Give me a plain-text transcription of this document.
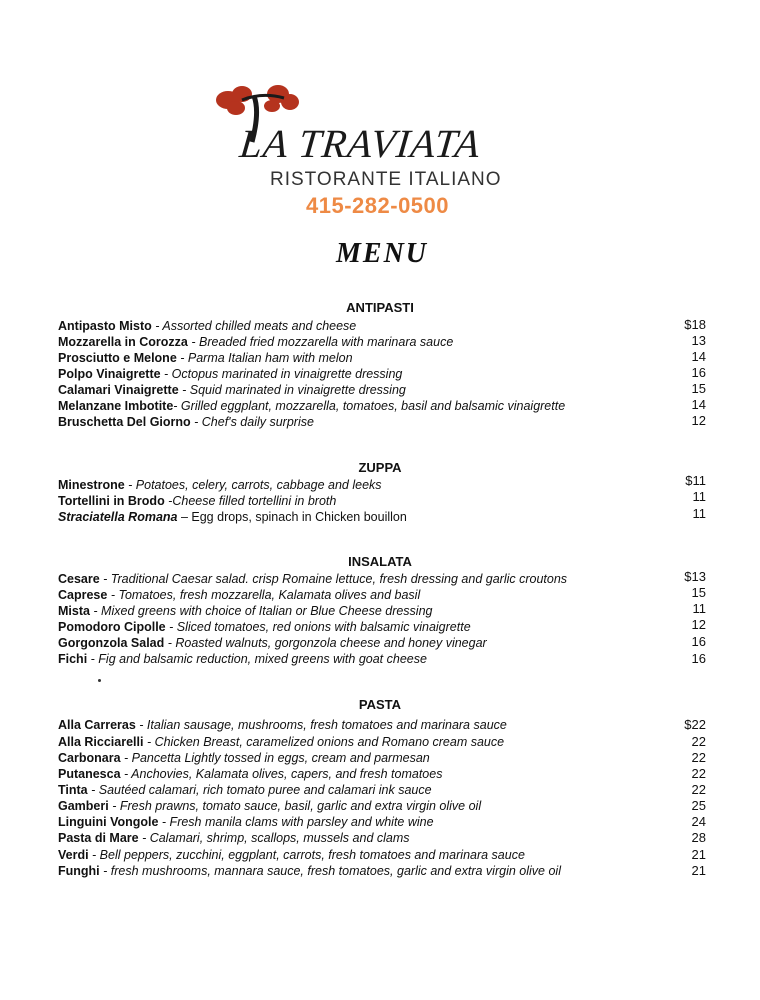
LA TRAVIATA
RISTORANTE ITALIANO
415-282-0500
MENU
ANTIPASTI
Antipasto Misto - Assorted chilled meats and cheese	$18
Mozzarella in Corozza - Breaded fried mozzarella with marinara sauce	13
Prosciutto e Melone - Parma Italian ham with melon	14
Polpo Vinaigrette - Octopus marinated in vinaigrette dressing	16
Calamari Vinaigrette - Squid marinated in vinaigrette dressing	15
Melanzane Imbotite- Grilled eggplant, mozzarella, tomatoes, basil and balsamic vinaigrette	14
Bruschetta Del Giorno - Chef's daily surprise	12
ZUPPA
Minestrone - Potatoes, celery, carrots, cabbage and leeks	$11
Tortellini in Brodo -Cheese filled tortellini in broth	11
Straciatella Romana – Egg drops, spinach in Chicken bouillon	11
INSALATA
Cesare - Traditional Caesar salad. crisp Romaine lettuce, fresh dressing and garlic croutons	$13
Caprese - Tomatoes, fresh mozzarella, Kalamata olives and basil	15
Mista - Mixed greens with choice of Italian or Blue Cheese dressing	11
Pomodoro Cipolle - Sliced tomatoes, red onions with balsamic vinaigrette	12
Gorgonzola Salad - Roasted walnuts, gorgonzola cheese and honey vinegar	16
Fichi - Fig and balsamic reduction, mixed greens with goat cheese	16
PASTA
Alla Carreras - Italian sausage, mushrooms, fresh tomatoes and marinara sauce	$22
Alla Ricciarelli - Chicken Breast, caramelized onions and Romano cream sauce	22
Carbonara - Pancetta Lightly tossed in eggs, cream and parmesan	22
Putanesca - Anchovies, Kalamata olives, capers, and fresh tomatoes	22
Tinta - Sautéed calamari, rich tomato puree and calamari ink sauce	22
Gamberi - Fresh prawns, tomato sauce, basil, garlic and extra virgin olive oil	25
Linguini Vongole - Fresh manila clams with parsley and white wine	24
Pasta di Mare - Calamari, shrimp, scallops, mussels and clams	28
Verdi - Bell peppers, zucchini, eggplant, carrots, fresh tomatoes and marinara sauce	21
Funghi - fresh mushrooms, mannara sauce, fresh tomatoes, garlic and extra virgin olive oil	21
